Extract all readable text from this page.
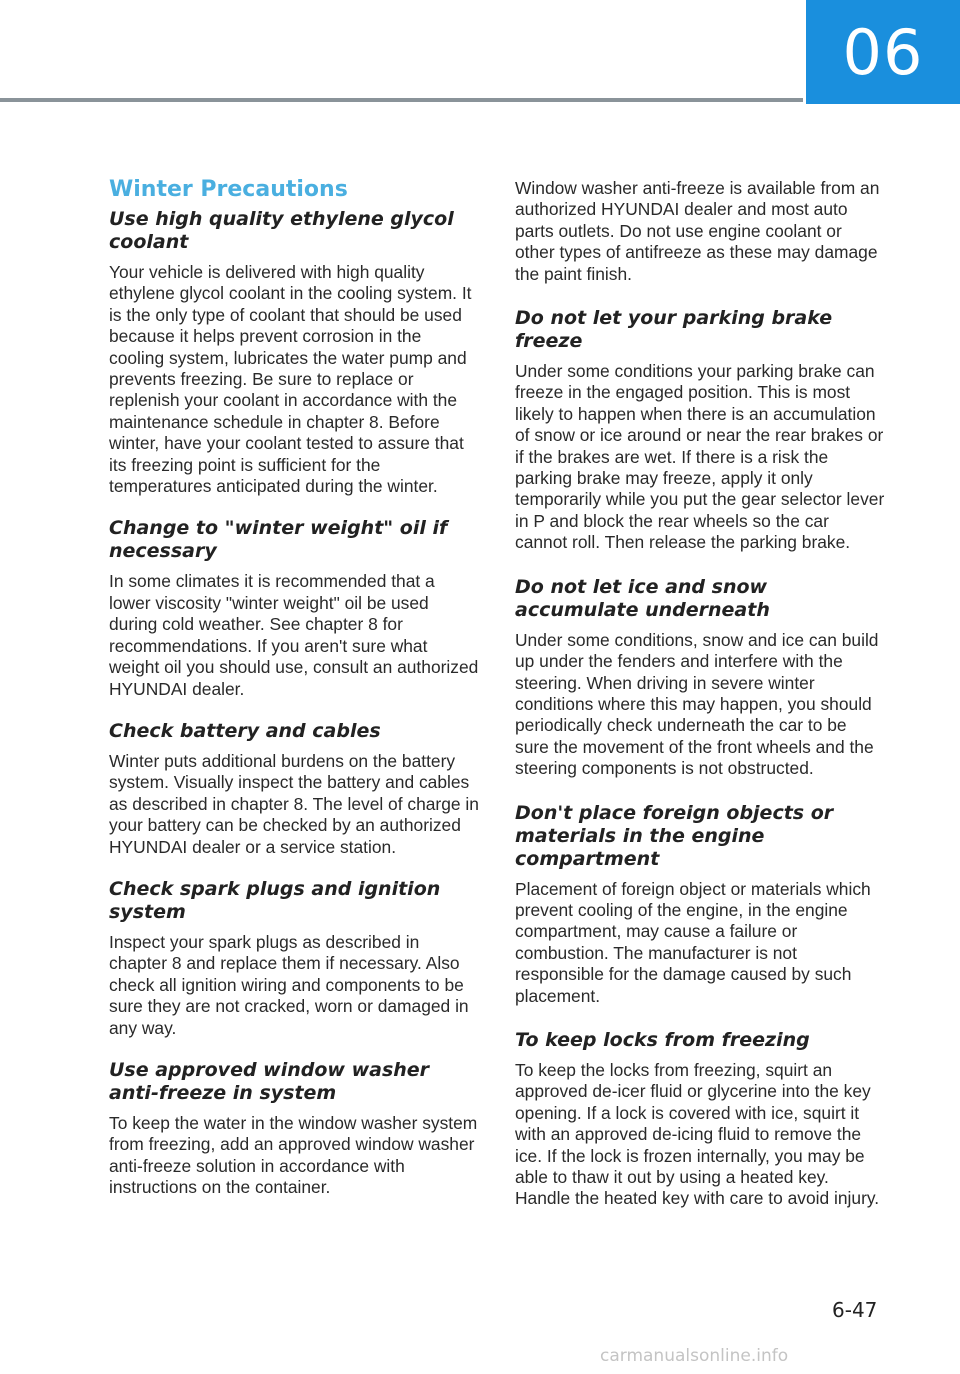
06
Winter Precautions
Use high quality ethylene glycol coolant
Your vehicle is delivered with high quality ethylene glycol coolant in the cooling system. It is the only type of coolant that should be used because it helps prevent corrosion in the cooling system, lubricates the water pump and prevents freezing. Be sure to replace or replenish your coolant in accordance with the maintenance schedule in chapter 8. Before winter, have your coolant tested to assure that its freezing point is sufficient for the temperatures anticipated during the winter.
Change to "winter weight" oil if necessary
In some climates it is recommended that a lower viscosity "winter weight" oil be used during cold weather. See chapter 8 for recommendations. If you aren't sure what weight oil you should use, consult an authorized HYUNDAI dealer.
Check battery and cables
Winter puts additional burdens on the battery system. Visually inspect the battery and cables as described in chapter 8. The level of charge in your battery can be checked by an authorized HYUNDAI dealer or a service station.
Check spark plugs and ignition system
Inspect your spark plugs as described in chapter 8 and replace them if necessary. Also check all ignition wiring and components to be sure they are not cracked, worn or damaged in any way.
Use approved window washer anti-freeze in system
To keep the water in the window washer system from freezing, add an approved window washer anti-freeze solution in accordance with instructions on the container.
Window washer anti-freeze is available from an authorized HYUNDAI dealer and most auto parts outlets. Do not use engine coolant or other types of antifreeze as these may damage the paint finish.
Do not let your parking brake freeze
Under some conditions your parking brake can freeze in the engaged position. This is most likely to happen when there is an accumulation of snow or ice around or near the rear brakes or if the brakes are wet. If there is a risk the parking brake may freeze, apply it only temporarily while you put the gear selector lever in P and block the rear wheels so the car cannot roll. Then release the parking brake.
Do not let ice and snow accumulate underneath
Under some conditions, snow and ice can build up under the fenders and interfere with the steering. When driving in severe winter conditions where this may happen, you should periodically check underneath the car to be sure the movement of the front wheels and the steering components is not obstructed.
Don't place foreign objects or materials in the engine compartment
Placement of foreign object or materials which prevent cooling of the engine, in the engine compartment, may cause a failure or combustion. The manufacturer is not responsible for the damage caused by such placement.
To keep locks from freezing
To keep the locks from freezing, squirt an approved de-icer fluid or glycerine into the key opening. If a lock is covered with ice, squirt it with an approved de-icing fluid to remove the ice. If the lock is frozen internally, you may be able to thaw it out by using a heated key. Handle the heated key with care to avoid injury.
6-47
carmanualsonline.info
